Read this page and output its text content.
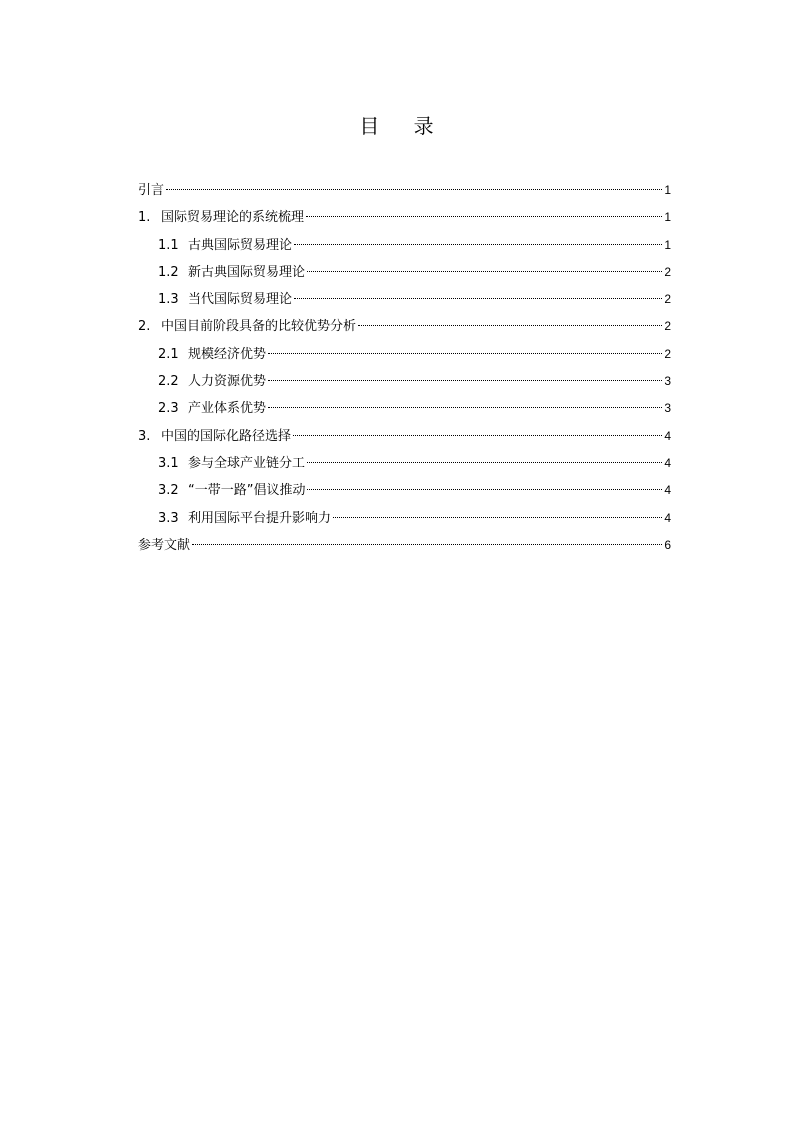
目 录
引言	1
1. 国际贸易理论的系统梳理	1
1.1 古典国际贸易理论	1
1.2 新古典国际贸易理论	2
1.3 当代国际贸易理论	2
2. 中国目前阶段具备的比较优势分析	2
2.1 规模经济优势	2
2.2 人力资源优势	3
2.3 产业体系优势	3
3. 中国的国际化路径选择	4
3.1 参与全球产业链分工	4
3.2 “一带一路”倡议推动	4
3.3 利用国际平台提升影响力	4
参考文献	6
